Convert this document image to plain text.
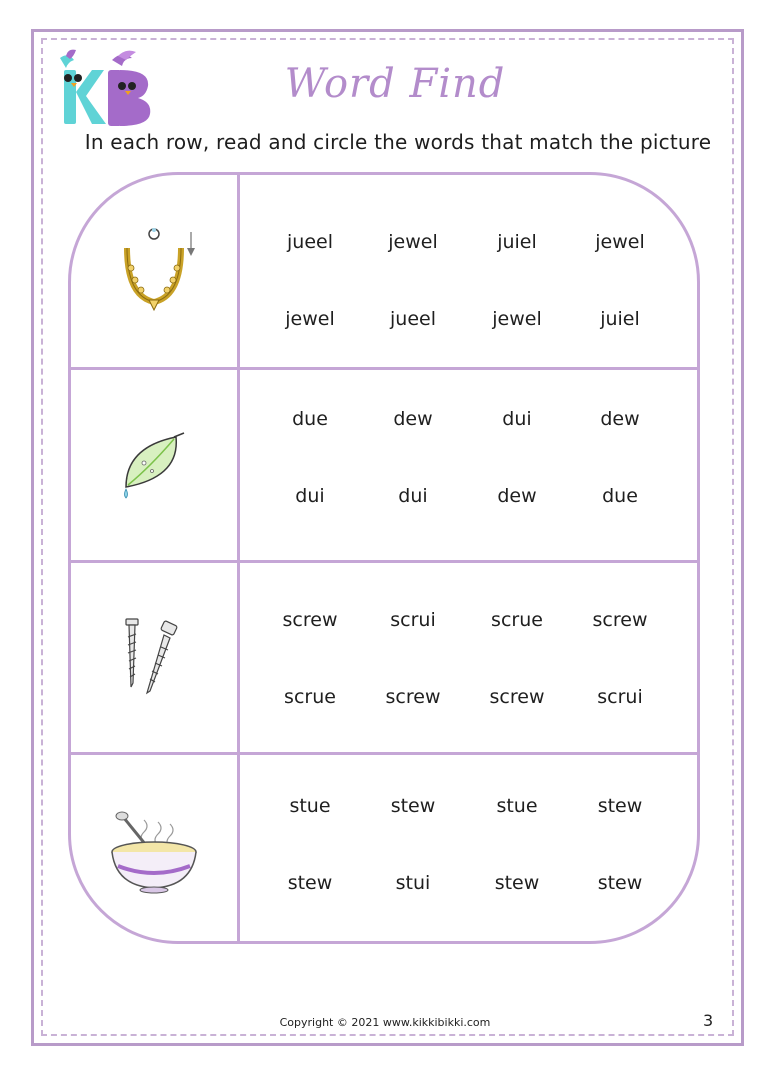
Word Find
In each row, read and circle the words that match the picture
jueel	jewel	juiel	jewel
jewel	jueel	jewel	juiel
due	dew	dui	dew
dui	dui	dew	due
screw	scrui	scrue	screw
scrue	screw	screw	scrui
stue	stew	stue	stew
stew	stui	stew	stew
Copyright © 2021 www.kikkibikki.com	3
